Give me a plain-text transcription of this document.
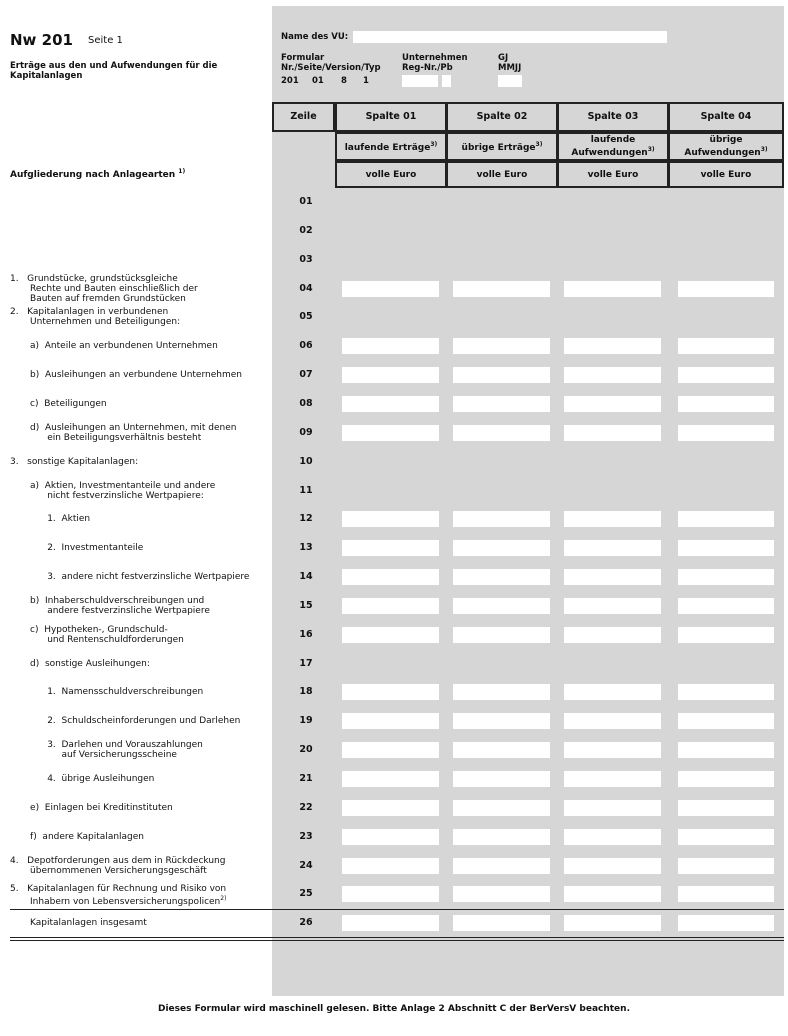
Nw 201 Seite 1
Erträge aus den und Aufwendungen für die Kapitalanlagen
Name des VU:
Formular
Nr./Seite/Version/Typ
201 01 8 1
Unternehmen
Reg-Nr./Pb
GJ
MMJJ
Aufgliederung nach Anlagearten $^{1)}$
Zeile	Spalte 01
laufende Erträge$^{3)}$
volle Euro
Spalte 02
übrige Erträge$^{3)}$
volle Euro
Spalte 03
laufende
Aufwendungen$^{3)}$
volle Euro
Spalte 04
übrige
Aufwendungen$^{3)}$
volle Euro
01
02
03
04
1.   Grundstücke, grundstücksgleiche
Rechte und Bauten einschließlich der
Bauten auf fremden Grundstücken
05
2.   Kapitalanlagen in verbundenen
Unternehmen und Beteiligungen:
06
a)  Anteile an verbundenen Unternehmen
07
b)  Ausleihungen an verbundene Unternehmen
08
c)  Beteiligungen
09
d)  Ausleihungen an Unternehmen, mit denen
ein Beteiligungsverhältnis besteht
10
3.   sonstige Kapitalanlagen:
11
a)  Aktien, Investmentanteile und andere
nicht festverzinsliche Wertpapiere:
12
1.  Aktien
13
2.  Investmentanteile
14
3.  andere nicht festverzinsliche Wertpapiere
15
b)  Inhaberschuldverschreibungen und
andere festverzinsliche Wertpapiere
16
c)  Hypotheken-, Grundschuld-
und Rentenschuldforderungen
17
d)  sonstige Ausleihungen:
18
1.  Namensschuldverschreibungen
19
2.  Schuldscheinforderungen und Darlehen
20
3.  Darlehen und Vorauszahlungen
auf Versicherungsscheine
21
4.  übrige Ausleihungen
22
e)  Einlagen bei Kreditinstituten
23
f)  andere Kapitalanlagen
24
4.   Depotforderungen aus dem in Rückdeckung
übernommenen Versicherungsgeschäft
25
5.   Kapitalanlagen für Rechnung und Risiko von
Inhabern von Lebensversicherungspolicen$^{2)}$
26
Kapitalanlagen insgesamt
Dieses Formular wird maschinell gelesen. Bitte Anlage 2 Abschnitt C der BerVersV beachten.
